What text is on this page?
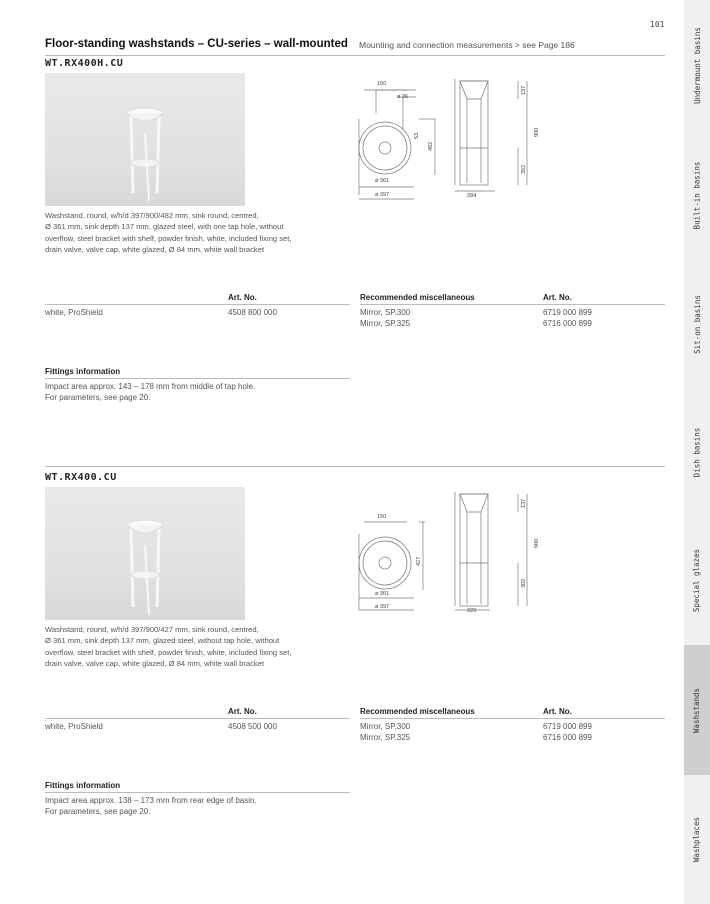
101
Floor-standing washstands – CU-series – wall-mounted Mounting and connection measurements > see Page 186
WT.RX400H.CU
150
ø 36
ø 361
ø 397	284
53
482
137
900
352
Washstand, round, w/h/d 397/900/482 mm, sink round, centred,
Ø 361 mm, sink depth 137 mm, glazed steel, with one tap hole, without
overflow, steel bracket with shelf, powder finish, white, included fixing set,
drain valve, valve cap, white glazed, Ø 84 mm, white wall bracket
Art. No.	Recommended miscellaneous	Art. No.
white, ProShield	4508 800 000	Mirror, SP.300	6719 000 899
Mirror, SP.325	6716 000 899
Fittings information
Impact area approx. 143 – 178 mm from middle of tap hole.
For parameters, see page 20.
WT.RX400.CU
150
ø 361
ø 397
229
427
137
900
302
Washstand, round, w/h/d 397/900/427 mm, sink round, centred,
Ø 361 mm, sink depth 137 mm, glazed steel, without tap hole, without
overflow, steel bracket with shelf, powder finish, white, included fixing set,
drain valve, valve cap, white glazed, Ø 84 mm, white wall bracket
Art. No.	Recommended miscellaneous	Art. No.
white, ProShield	4508 500 000	Mirror, SP.300	6719 000 899
Mirror, SP.325	6716 000 899
Fittings information
Impact area approx. 138 – 173 mm from rear edge of basin.
For parameters, see page 20.
Undermount basins
Built-in basins
Sit-on basins
Dish basins
Special glazes
Washstands
Washplaces
